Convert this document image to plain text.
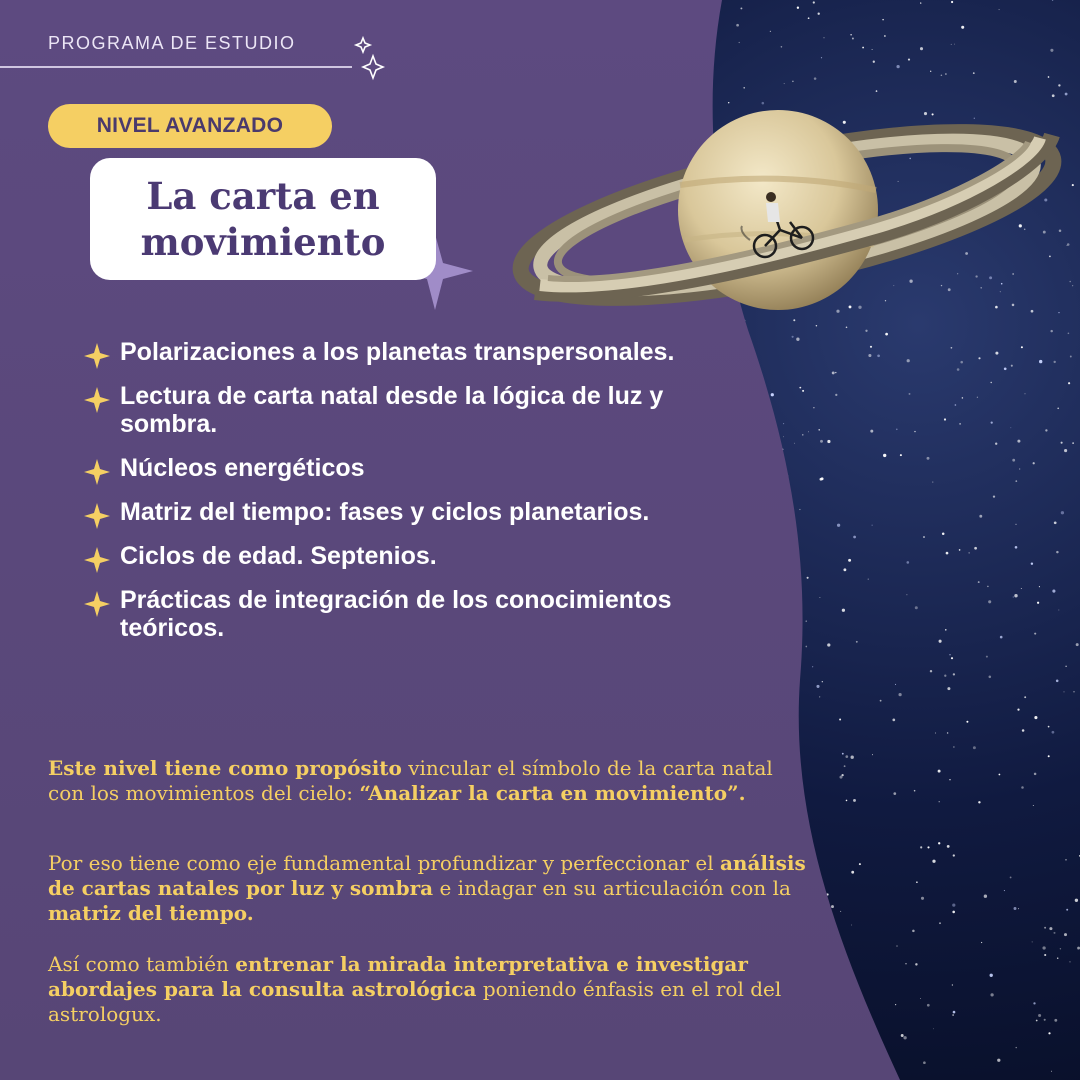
PROGRAMA DE ESTUDIO
NIVEL AVANZADO
La carta en
movimiento
Polarizaciones a los planetas transpersonales.
Lectura de carta natal desde la lógica de luz y sombra.
Núcleos energéticos
Matriz del tiempo: fases y ciclos planetarios.
Ciclos de edad. Septenios.
Prácticas de integración de los conocimientos teóricos.
Este nivel tiene como propósito vincular el símbolo de la carta natal con los movimientos del cielo: “Analizar la carta en movimiento”.
Por eso tiene como eje fundamental profundizar y perfeccionar el análisis de cartas natales por luz y sombra e indagar en su articulación con la matriz del tiempo.
Así como también entrenar la mirada interpretativa e investigar abordajes para la consulta astrológica poniendo énfasis en el rol del astrologux.
